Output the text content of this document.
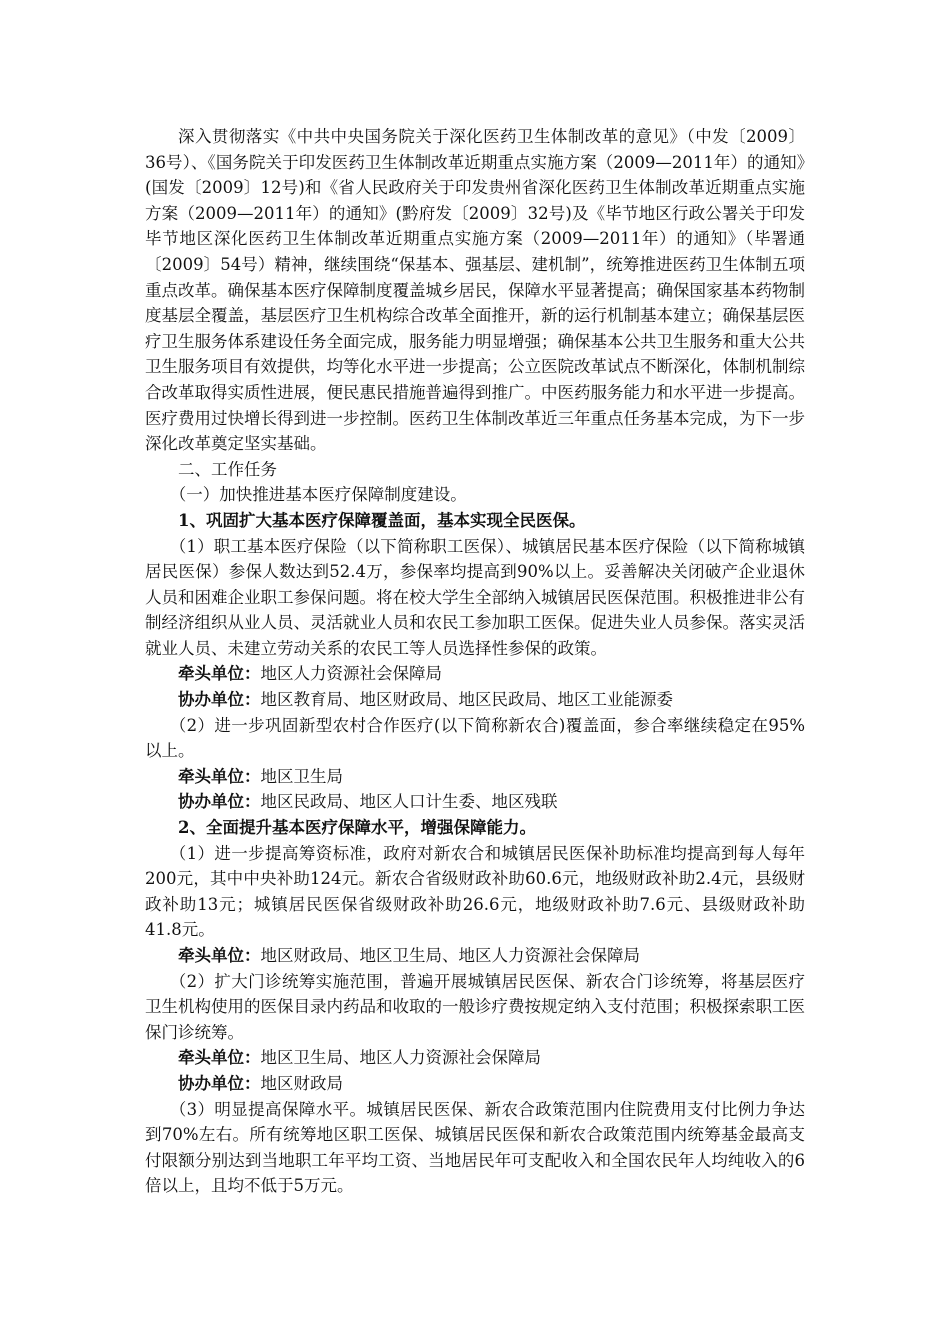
深入贯彻落实《中共中央国务院关于深化医药卫生体制改革的意见》（中发〔2009〕36号）、《国务院关于印发医药卫生体制改革近期重点实施方案（2009—2011年）的通知》(国发〔2009〕12号)和《省人民政府关于印发贵州省深化医药卫生体制改革近期重点实施方案（2009—2011年）的通知》(黔府发〔2009〕32号)及《毕节地区行政公署关于印发毕节地区深化医药卫生体制改革近期重点实施方案（2009—2011年）的通知》（毕署通〔2009〕54号）精神，继续围绕“保基本、强基层、建机制”，统筹推进医药卫生体制五项重点改革。确保基本医疗保障制度覆盖城乡居民，保障水平显著提高；确保国家基本药物制度基层全覆盖，基层医疗卫生机构综合改革全面推开，新的运行机制基本建立；确保基层医疗卫生服务体系建设任务全面完成，服务能力明显增强；确保基本公共卫生服务和重大公共卫生服务项目有效提供，均等化水平进一步提高；公立医院改革试点不断深化，体制机制综合改革取得实质性进展，便民惠民措施普遍得到推广。中医药服务能力和水平进一步提高。医疗费用过快增长得到进一步控制。医药卫生体制改革近三年重点任务基本完成，为下一步深化改革奠定坚实基础。

二、工作任务

（一）加快推进基本医疗保障制度建设。

1、巩固扩大基本医疗保障覆盖面，基本实现全民医保。

（1）职工基本医疗保险（以下简称职工医保）、城镇居民基本医疗保险（以下简称城镇居民医保）参保人数达到52.4万，参保率均提高到90%以上。妥善解决关闭破产企业退休人员和困难企业职工参保问题。将在校大学生全部纳入城镇居民医保范围。积极推进非公有制经济组织从业人员、灵活就业人员和农民工参加职工医保。促进失业人员参保。落实灵活就业人员、未建立劳动关系的农民工等人员选择性参保的政策。

牵头单位：地区人力资源社会保障局

协办单位：地区教育局、地区财政局、地区民政局、地区工业能源委

（2）进一步巩固新型农村合作医疗(以下简称新农合)覆盖面，参合率继续稳定在95%以上。

牵头单位：地区卫生局

协办单位：地区民政局、地区人口计生委、地区残联

2、全面提升基本医疗保障水平，增强保障能力。

（1）进一步提高筹资标准，政府对新农合和城镇居民医保补助标准均提高到每人每年200元，其中中央补助124元。新农合省级财政补助60.6元，地级财政补助2.4元，县级财政补助13元；城镇居民医保省级财政补助26.6元，地级财政补助7.6元、县级财政补助41.8元。

牵头单位：地区财政局、地区卫生局、地区人力资源社会保障局

（2）扩大门诊统筹实施范围，普遍开展城镇居民医保、新农合门诊统筹，将基层医疗卫生机构使用的医保目录内药品和收取的一般诊疗费按规定纳入支付范围；积极探索职工医保门诊统筹。

牵头单位：地区卫生局、地区人力资源社会保障局

协办单位：地区财政局

（3）明显提高保障水平。城镇居民医保、新农合政策范围内住院费用支付比例力争达到70%左右。所有统筹地区职工医保、城镇居民医保和新农合政策范围内统筹基金最高支付限额分别达到当地职工年平均工资、当地居民年可支配收入和全国农民年人均纯收入的6倍以上，且均不低于5万元。
